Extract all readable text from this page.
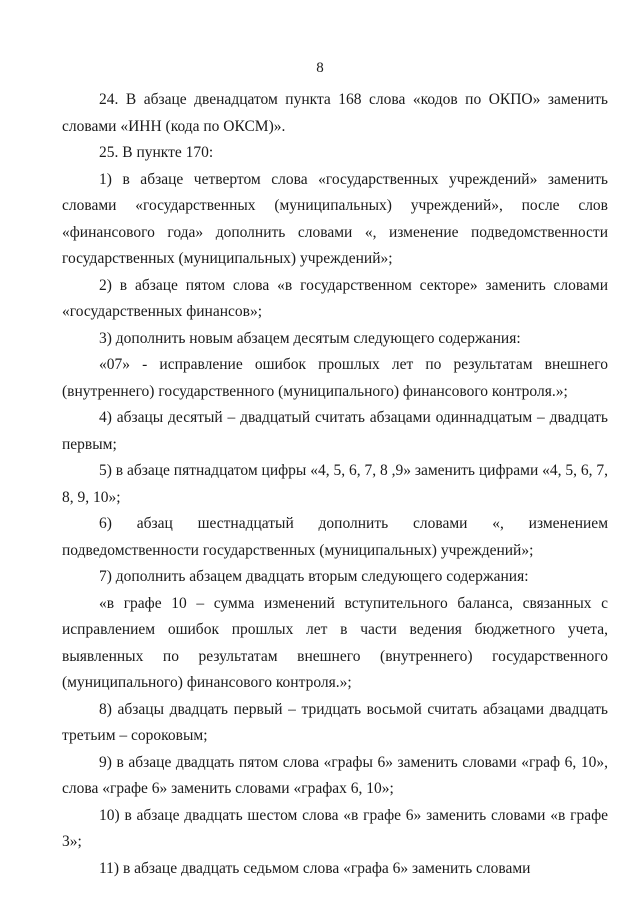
8

24. В абзаце двенадцатом пункта 168 слова «кодов по ОКПО» заменить словами «ИНН (кода по ОКСМ)».

25. В пункте 170:

1) в абзаце четвертом слова «государственных учреждений» заменить словами «государственных (муниципальных) учреждений», после слов «финансового года» дополнить словами «, изменение подведомственности государственных (муниципальных) учреждений»;

2) в абзаце пятом слова «в государственном секторе» заменить словами «государственных финансов»;

3) дополнить новым абзацем десятым следующего содержания:

«07» - исправление ошибок прошлых лет по результатам внешнего (внутреннего) государственного (муниципального) финансового контроля.»;

4) абзацы десятый – двадцатый считать абзацами одиннадцатым – двадцать первым;

5) в абзаце пятнадцатом цифры «4, 5, 6, 7, 8 ,9» заменить цифрами «4, 5, 6, 7, 8, 9, 10»;

6) абзац шестнадцатый дополнить словами «, изменением подведомственности государственных (муниципальных) учреждений»;

7) дополнить абзацем двадцать вторым следующего содержания:

«в графе 10 – сумма изменений вступительного баланса, связанных с исправлением ошибок прошлых лет в части ведения бюджетного учета, выявленных по результатам внешнего (внутреннего) государственного (муниципального) финансового контроля.»;

8) абзацы двадцать первый – тридцать восьмой считать абзацами двадцать третьим – сороковым;

9) в абзаце двадцать пятом слова «графы 6» заменить словами «граф 6, 10», слова «графе 6» заменить словами «графах 6, 10»;

10) в абзаце двадцать шестом слова «в графе 6» заменить словами «в графе 3»;

11) в абзаце двадцать седьмом слова «графа 6» заменить словами
